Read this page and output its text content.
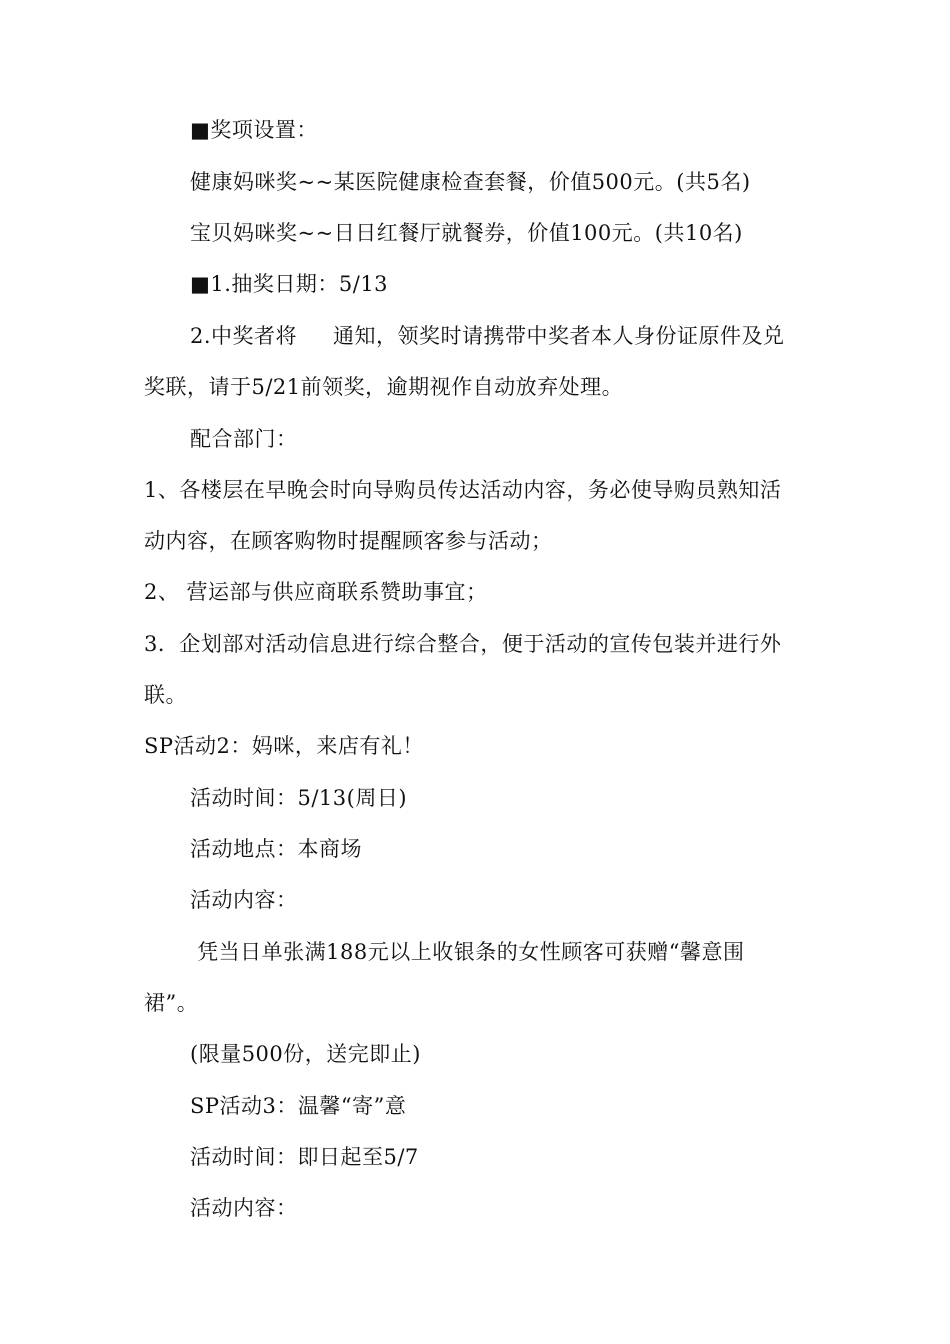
■奖项设置：
健康妈咪奖~~某医院健康检查套餐，价值500元。(共5名)
宝贝妈咪奖~~日日红餐厅就餐券，价值100元。(共10名)
■1.抽奖日期：5/13
2.中奖者将 通知，领奖时请携带中奖者本人身份证原件及兑
奖联，请于5/21前领奖，逾期视作自动放弃处理。
配合部门：
1、各楼层在早晚会时向导购员传达活动内容，务必使导购员熟知活
动内容，在顾客购物时提醒顾客参与活动；
2、 营运部与供应商联系赞助事宜；
3．企划部对活动信息进行综合整合，便于活动的宣传包装并进行外
联。
SP活动2：妈咪，来店有礼！
活动时间：5/13(周日)
活动地点：本商场
活动内容：
凭当日单张满188元以上收银条的女性顾客可获赠“馨意围
裙”。
(限量500份，送完即止)
SP活动3：温馨“寄”意
活动时间：即日起至5/7
活动内容：
